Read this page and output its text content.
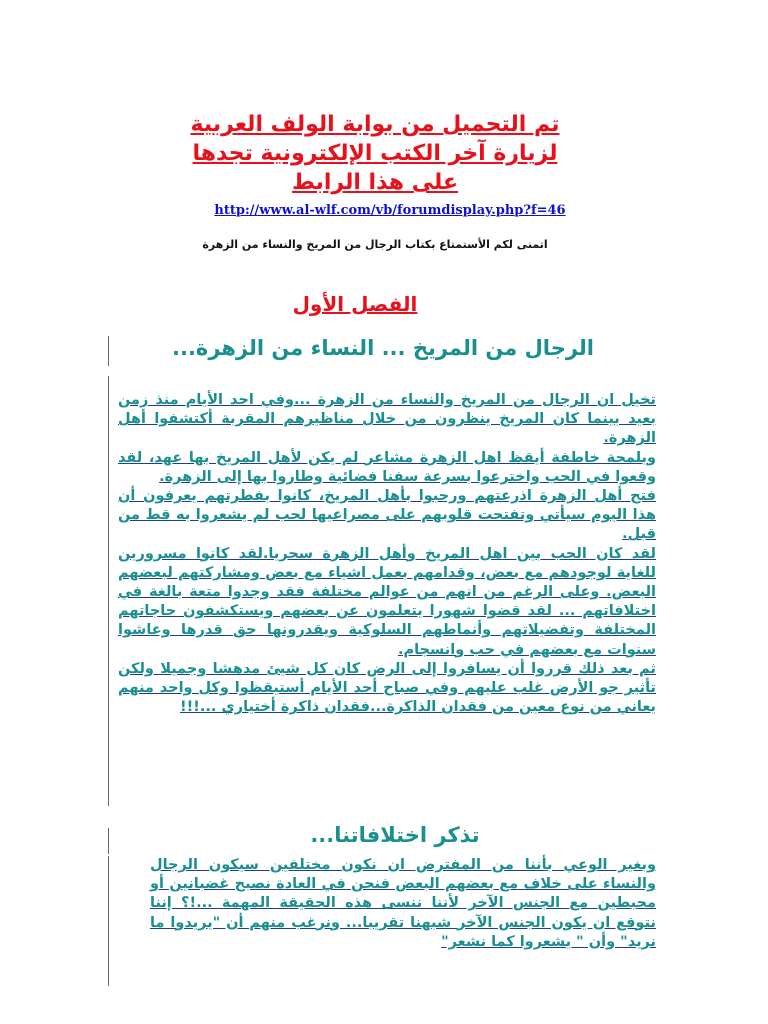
تم التحميل من بوابة الولف العربية
لزيارة آخر الكتب الإلكترونية تجدها
على هذا الرابط
http://www.al-wlf.com/vb/forumdisplay.php?f=46
اتمنى لكم الأستمتاع بكتاب الرجال من المريخ والنساء من الزهرة
الفصل الأول
الرجال من المريخ ... النساء من الزهرة...

تخيل ان الرجال من المريخ والنساء من الزهرة ...وفي احد الأيام منذ زمن بعيد بينما كان المريخ ينظرون من خلال مناظيرهم المقربة أكتشفوا أهل الزهرة.

وبلمحة خاطفة أيقظ اهل الزهرة مشاعر لم يكن لأهل المريخ بها عهد، لقد وقعوا في الحب واخترعوا بسرعة سفنا فضائية وطاروا بها إلى الزهرة.

فتح أهل الزهرة اذرعتهم ورحبوا بأهل المريخ، كانوا بفطرتهم يعرفون أن هذا اليوم سيأتي وتفتحت قلوبهم على مصراعيها لحب لم يشعروا به قط من قبل.

لقد كان الحب بين اهل المريخ وأهل الزهرة سحريا.لقد كانوا مسرورين للغاية لوجودهم مع بعض، وقدامهم بعمل اشياء مع بعض ومشاركتهم لبعضهم البعض. وعلى الرغم من انهم من عوالم مختلفة فقد وجدوا متعة بالغة في اختلافاتهم ... لقد قضوا شهورا يتعلمون عن بعضهم ويستكشفون حاجاتهم المختلفة وتفضيلاتهم وأنماطهم السلوكية ويقدرونها حق قدرها وعاشوا سنوات مع بعضهم في حب وانسجام.

ثم بعد ذلك قرروا أن يسافروا إلى الرض كان كل شيئ مدهشا وجميلا ولكن تأثير جو الأرض غلب عليهم وفي صباح أحد الأيام أستيقظوا وكل واحد منهم يعاني من نوع معين من فقدان الذاكرة...فقدان ذاكرة أختياري ...!!!

تذكر اختلافاتنا...

وبغير الوعي بأننا من المفترض ان نكون مختلفين سيكون الرجال والنساء على خلاف مع بعضهم البعض فنحن في العادة نصبح غضبانين أو محبطين مع الجنس الآخر لأننا ننسى هذه الحقيقة المهمة ...!؟ إننا نتوقع ان يكون الجنس الآخر شبهنا تقريبا... ونرغب منهم أن "يريدوا ما نريد" وأن " يشعروا كما نشعر"
